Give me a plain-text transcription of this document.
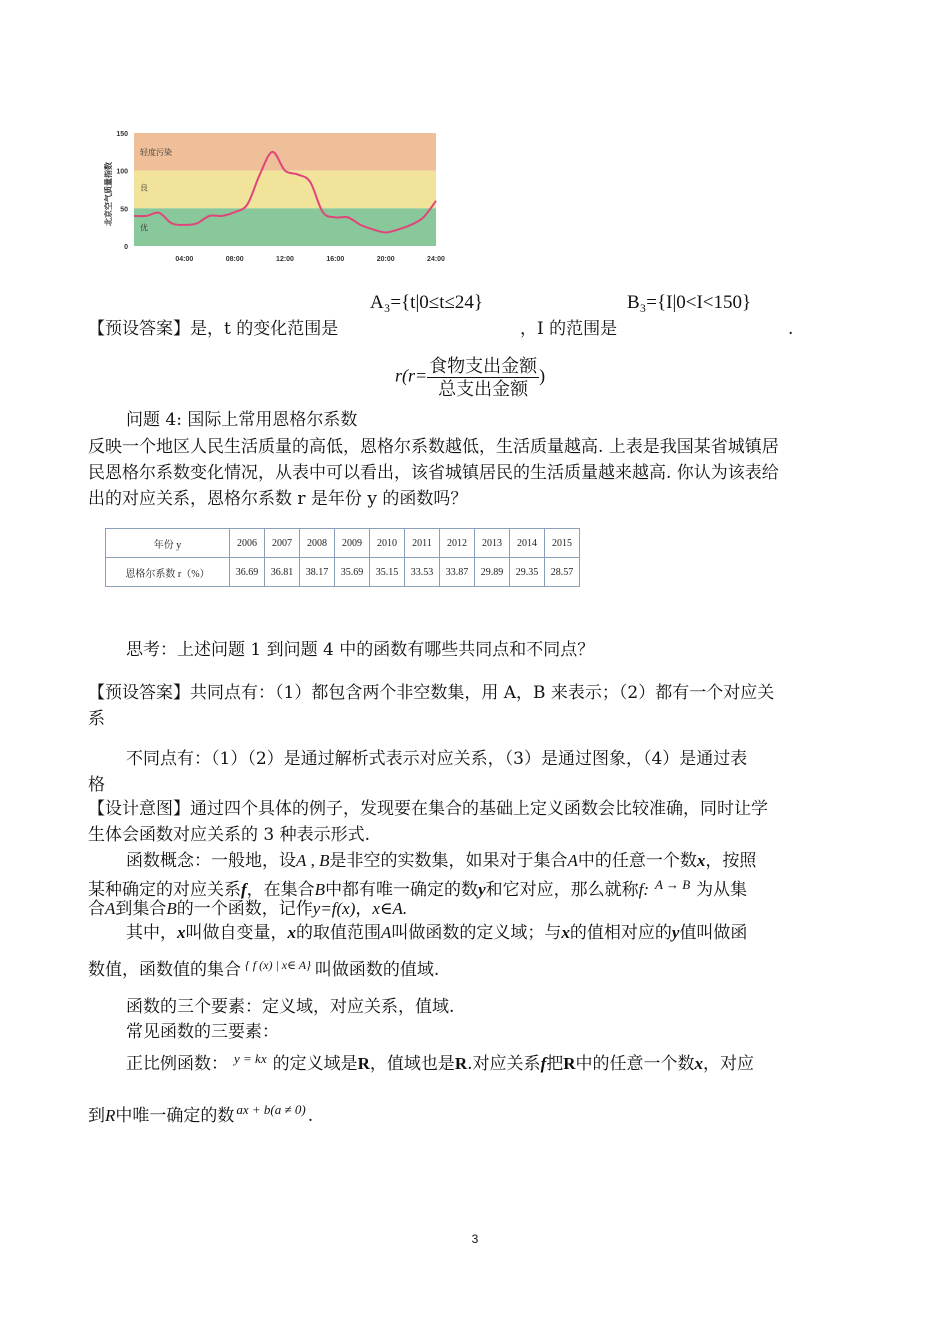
北京空气质量指数
轻度污染
良
优
0
50
100
150
04:00	08:00	12:00	16:00	20:00	24:00
A₃={t|0≤t≤24}	B₃={I|0<I<150}
【预设答案】是，t 的变化范围是	，I 的范围是	.
$r(r= \frac{\text{食物支出金额}}{\text{总支出金额}}$ )
问题 4: 国际上常用恩格尔系数
反映一个地区人民生活质量的高低，恩格尔系数越低，生活质量越高. 上表是我国某省城镇居
民恩格尔系数变化情况，从表中可以看出，该省城镇居民的生活质量越来越高. 你认为该表给
出的对应关系，恩格尔系数 r 是年份 y 的函数吗？
年份 y	2006	2007	2008	2009	2010	2011	2012	2013	2014	2015
恩格尔系数 r（%）	36.69	36.81	38.17	35.69	35.15	33.53	33.87	29.89	29.35	28.57
思考：上述问题 1 到问题 4 中的函数有哪些共同点和不同点？
【预设答案】共同点有：（1）都包含两个非空数集，用 A，B 来表示；（2）都有一个对应关
系
不同点有：（1）（2）是通过解析式表示对应关系，（3）是通过图象，（4）是通过表
格
【设计意图】通过四个具体的例子，发现要在集合的基础上定义函数会比较准确，同时让学
生体会函数对应关系的 3 种表示形式.
函数概念：一般地，设A , B是非空的实数集，如果对于集合A中的任意一个数x，按照
某种确定的对应关系f，在集合B中都有唯一确定的数y和它对应，那么就称f: $^{A \to B}$ 为从集
合A到集合B的一个函数，记作y=f(x)，x∈A.
其中，x叫做自变量，x的取值范围A叫做函数的定义域；与x的值相对应的y值叫做函
数值，函数值的集合 $^{\{ f (x) | x\in A\}}$ 叫做函数的值域.
函数的三个要素：定义域，对应关系，值域.
常见函数的三要素：
正比例函数： $^{y = kx}$ 的定义域是R，值域也是R.对应关系f把R中的任意一个数x，对应
到R中唯一确定的数 $^{ax + b(a \ne 0)}$ .
3
